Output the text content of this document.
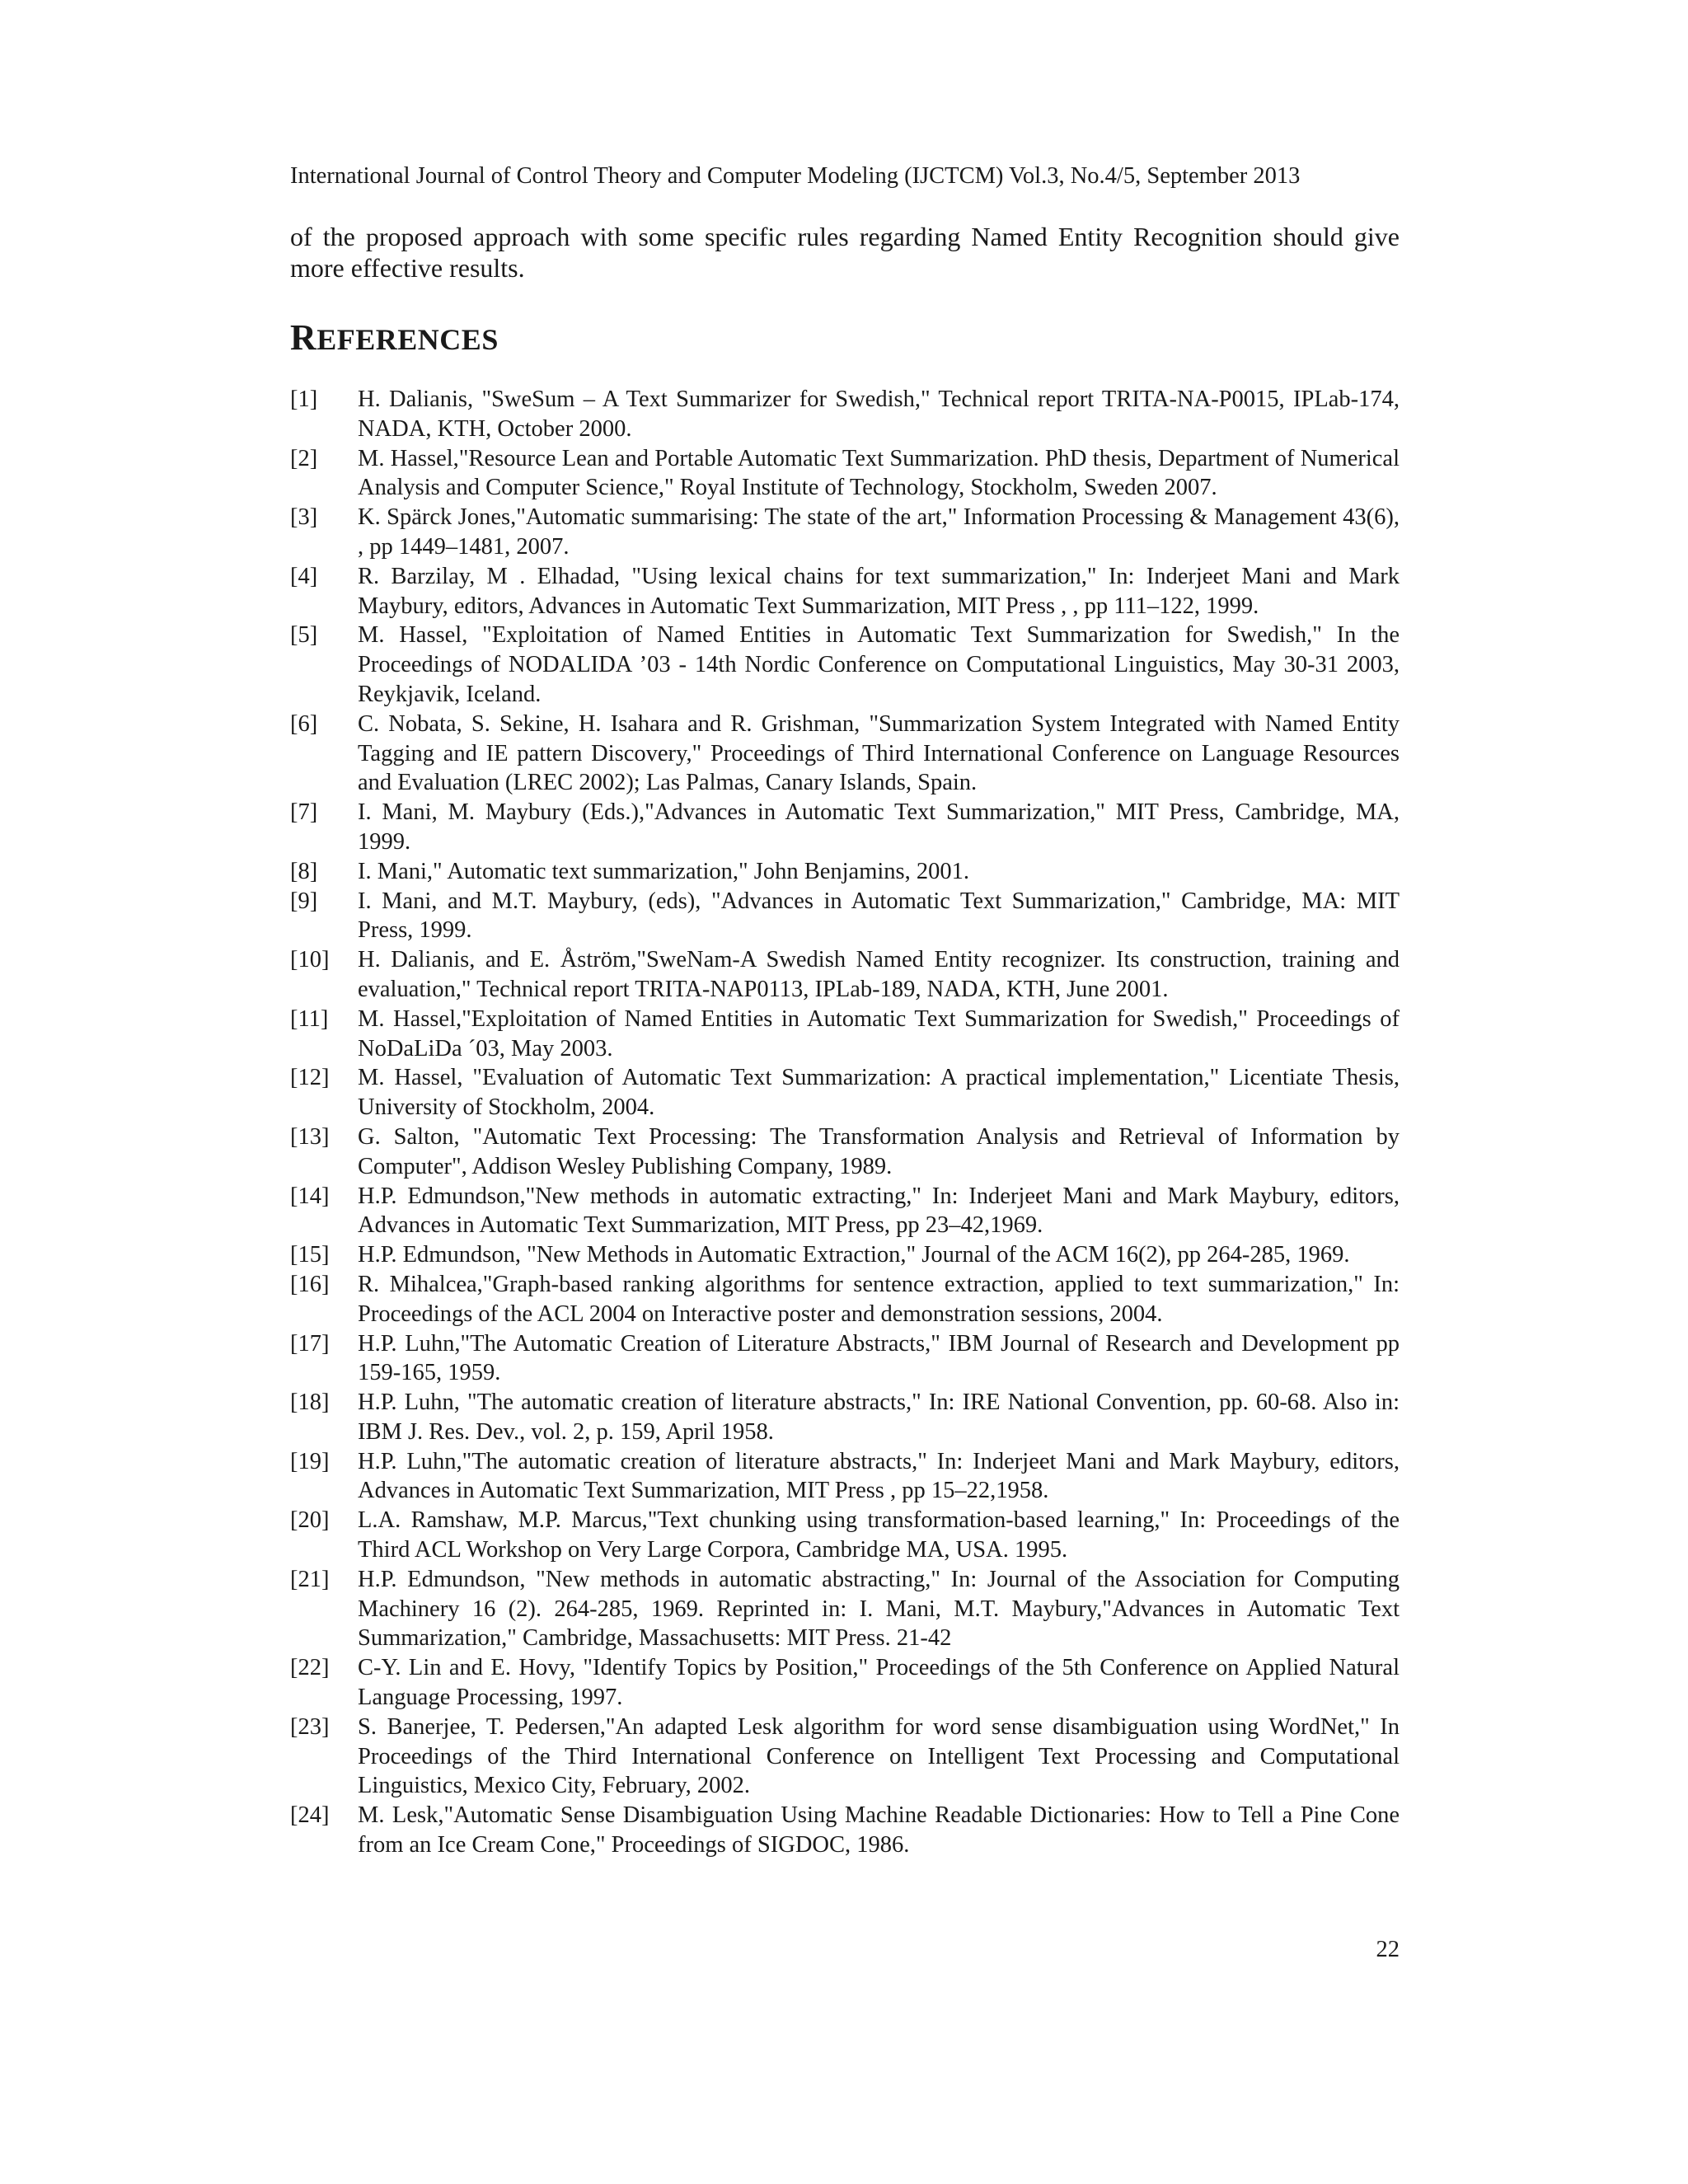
International Journal of Control Theory and Computer Modeling (IJCTCM) Vol.3, No.4/5, September 2013

of the proposed approach with some specific rules regarding Named Entity Recognition should give more effective results.

REFERENCES
[1] H. Dalianis, "SweSum – A Text Summarizer for Swedish," Technical report TRITA-NA-P0015, IPLab-174, NADA, KTH, October 2000.
[2] M. Hassel,"Resource Lean and Portable Automatic Text Summarization. PhD thesis, Department of Numerical Analysis and Computer Science," Royal Institute of Technology, Stockholm, Sweden 2007.
[3] K. Spärck Jones,"Automatic summarising: The state of the art," Information Processing & Management 43(6), , pp 1449–1481, 2007.
[4] R. Barzilay, M . Elhadad, "Using lexical chains for text summarization," In: Inderjeet Mani and Mark Maybury, editors, Advances in Automatic Text Summarization, MIT Press , , pp 111–122, 1999.
[5] M. Hassel, "Exploitation of Named Entities in Automatic Text Summarization for Swedish," In the Proceedings of NODALIDA ’03 - 14th Nordic Conference on Computational Linguistics, May 30-31 2003, Reykjavik, Iceland.
[6] C. Nobata, S. Sekine, H. Isahara and R. Grishman, "Summarization System Integrated with Named Entity Tagging and IE pattern Discovery," Proceedings of Third International Conference on Language Resources and Evaluation (LREC 2002); Las Palmas, Canary Islands, Spain.
[7] I. Mani, M. Maybury (Eds.),"Advances in Automatic Text Summarization," MIT Press, Cambridge, MA, 1999.
[8] I. Mani," Automatic text summarization," John Benjamins, 2001.
[9] I. Mani, and M.T. Maybury, (eds), "Advances in Automatic Text Summarization," Cambridge, MA: MIT Press, 1999.
[10] H. Dalianis, and E. Åström,"SweNam-A Swedish Named Entity recognizer. Its construction, training and evaluation," Technical report TRITA-NAP0113, IPLab-189, NADA, KTH, June 2001.
[11] M. Hassel,"Exploitation of Named Entities in Automatic Text Summarization for Swedish," Proceedings of NoDaLiDa ´03, May 2003.
[12] M. Hassel, "Evaluation of Automatic Text Summarization: A practical implementation," Licentiate Thesis, University of Stockholm, 2004.
[13] G. Salton, "Automatic Text Processing: The Transformation Analysis and Retrieval of Information by Computer", Addison Wesley Publishing Company, 1989.
[14] H.P. Edmundson,"New methods in automatic extracting," In: Inderjeet Mani and Mark Maybury, editors, Advances in Automatic Text Summarization, MIT Press, pp 23–42,1969.
[15] H.P. Edmundson, "New Methods in Automatic Extraction," Journal of the ACM 16(2), pp 264-285, 1969.
[16] R. Mihalcea,"Graph-based ranking algorithms for sentence extraction, applied to text summarization," In: Proceedings of the ACL 2004 on Interactive poster and demonstration sessions, 2004.
[17] H.P. Luhn,"The Automatic Creation of Literature Abstracts," IBM Journal of Research and Development pp 159-165, 1959.
[18] H.P. Luhn, "The automatic creation of literature abstracts," In: IRE National Convention, pp. 60-68. Also in: IBM J. Res. Dev., vol. 2, p. 159, April 1958.
[19] H.P. Luhn,"The automatic creation of literature abstracts," In: Inderjeet Mani and Mark Maybury, editors, Advances in Automatic Text Summarization, MIT Press , pp 15–22,1958.
[20] L.A. Ramshaw, M.P. Marcus,"Text chunking using transformation-based learning," In: Proceedings of the Third ACL Workshop on Very Large Corpora, Cambridge MA, USA. 1995.
[21] H.P. Edmundson, "New methods in automatic abstracting," In: Journal of the Association for Computing Machinery 16 (2). 264-285, 1969. Reprinted in: I. Mani, M.T. Maybury,"Advances in Automatic Text Summarization," Cambridge, Massachusetts: MIT Press. 21-42
[22] C-Y. Lin and E. Hovy, "Identify Topics by Position," Proceedings of the 5th Conference on Applied Natural Language Processing, 1997.
[23] S. Banerjee, T. Pedersen,"An adapted Lesk algorithm for word sense disambiguation using WordNet," In Proceedings of the Third International Conference on Intelligent Text Processing and Computational Linguistics, Mexico City, February, 2002.
[24] M. Lesk,"Automatic Sense Disambiguation Using Machine Readable Dictionaries: How to Tell a Pine Cone from an Ice Cream Cone," Proceedings of SIGDOC, 1986.
22
